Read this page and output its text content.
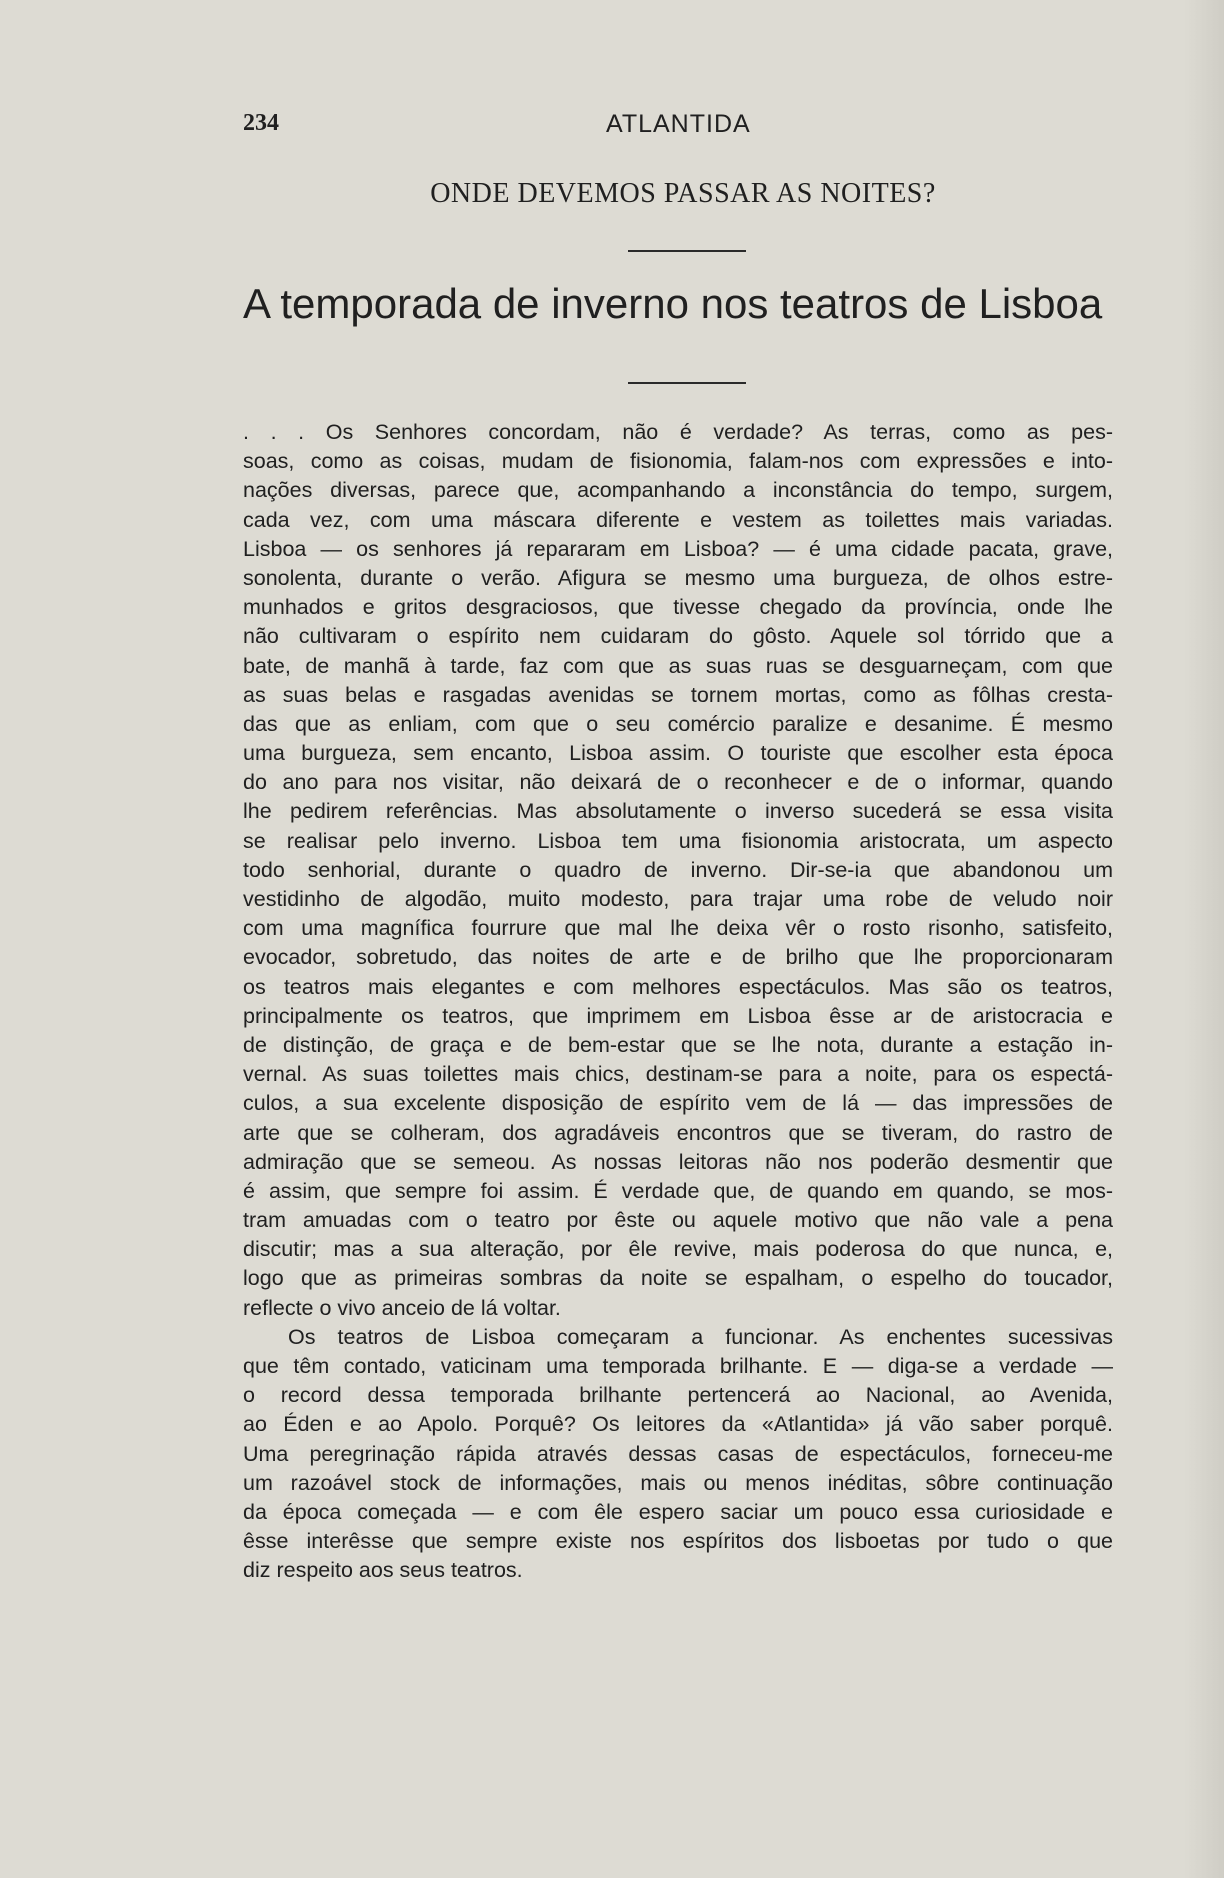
234	ATLANTIDA
ONDE DEVEMOS PASSAR AS NOITES?
A temporada de inverno nos teatros de Lisboa
. . . Os Senhores concordam, não é verdade? As terras, como as pes-
soas, como as coisas, mudam de fisionomia, falam-nos com expressões e into-
nações diversas, parece que, acompanhando a inconstância do tempo, surgem,
cada vez, com uma máscara diferente e vestem as toilettes mais variadas.
Lisboa — os senhores já repararam em Lisboa? — é uma cidade pacata, grave,
sonolenta, durante o verão. Afigura se mesmo uma burgueza, de olhos estre-
munhados e gritos desgraciosos, que tivesse chegado da província, onde lhe
não cultivaram o espírito nem cuidaram do gôsto. Aquele sol tórrido que a
bate, de manhã à tarde, faz com que as suas ruas se desguarneçam, com que
as suas belas e rasgadas avenidas se tornem mortas, como as fôlhas cresta-
das que as enliam, com que o seu comércio paralize e desanime. É mesmo
uma burgueza, sem encanto, Lisboa assim. O touriste que escolher esta época
do ano para nos visitar, não deixará de o reconhecer e de o informar, quando
lhe pedirem referências. Mas absolutamente o inverso sucederá se essa visita
se realisar pelo inverno. Lisboa tem uma fisionomia aristocrata, um aspecto
todo senhorial, durante o quadro de inverno. Dir-se-ia que abandonou um
vestidinho de algodão, muito modesto, para trajar uma robe de veludo noir
com uma magnífica fourrure que mal lhe deixa vêr o rosto risonho, satisfeito,
evocador, sobretudo, das noites de arte e de brilho que lhe proporcionaram
os teatros mais elegantes e com melhores espectáculos. Mas são os teatros,
principalmente os teatros, que imprimem em Lisboa êsse ar de aristocracia e
de distinção, de graça e de bem-estar que se lhe nota, durante a estação in-
vernal. As suas toilettes mais chics, destinam-se para a noite, para os espectá-
culos, a sua excelente disposição de espírito vem de lá — das impressões de
arte que se colheram, dos agradáveis encontros que se tiveram, do rastro de
admiração que se semeou. As nossas leitoras não nos poderão desmentir que
é assim, que sempre foi assim. É verdade que, de quando em quando, se mos-
tram amuadas com o teatro por êste ou aquele motivo que não vale a pena
discutir; mas a sua alteração, por êle revive, mais poderosa do que nunca, e,
logo que as primeiras sombras da noite se espalham, o espelho do toucador,
reflecte o vivo anceio de lá voltar.
Os teatros de Lisboa começaram a funcionar. As enchentes sucessivas
que têm contado, vaticinam uma temporada brilhante. E — diga-se a verdade —
o record dessa temporada brilhante pertencerá ao Nacional, ao Avenida,
ao Éden e ao Apolo. Porquê? Os leitores da «Atlantida» já vão saber porquê.
Uma peregrinação rápida através dessas casas de espectáculos, forneceu-me
um razoável stock de informações, mais ou menos inéditas, sôbre continuação
da época começada — e com êle espero saciar um pouco essa curiosidade e
êsse interêsse que sempre existe nos espíritos dos lisboetas por tudo o que
diz respeito aos seus teatros.
